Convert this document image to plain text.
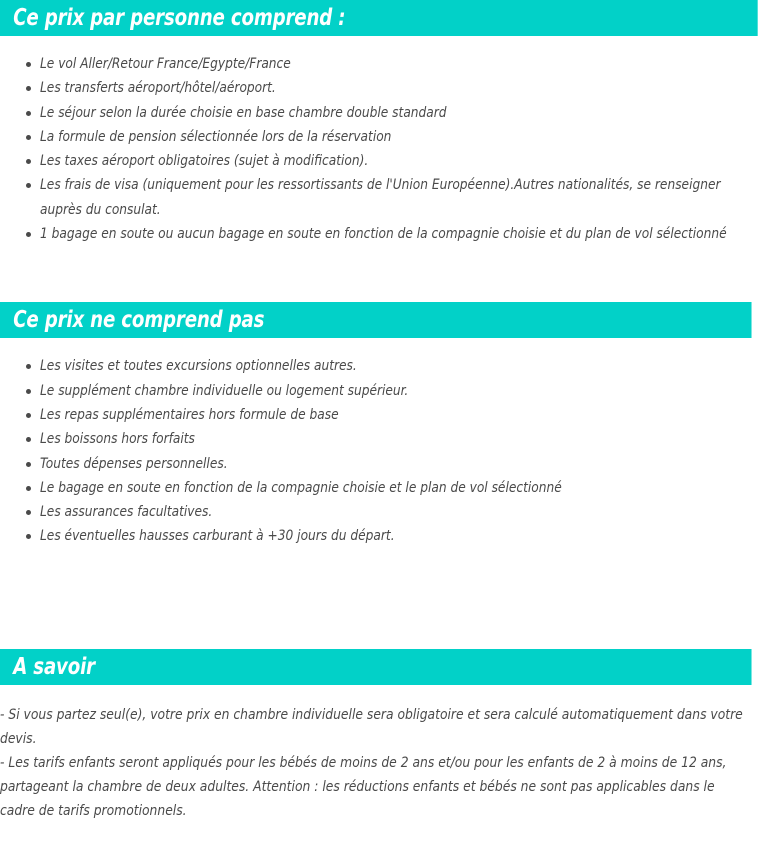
Ce prix par personne comprend :
Le vol Aller/Retour France/Egypte/France
Les transferts aéroport/hôtel/aéroport.
Le séjour selon la durée choisie en base chambre double standard
La formule de pension sélectionnée lors de la réservation
Les taxes aéroport obligatoires (sujet à modification).
Les frais de visa (uniquement pour les ressortissants de l'Union Européenne).Autres nationalités, se renseigner auprès du consulat.
1 bagage en soute ou aucun bagage en soute en fonction de la compagnie choisie et du plan de vol sélectionné
Ce prix ne comprend pas
Les visites et toutes excursions optionnelles autres.
Le supplément chambre individuelle ou logement supérieur.
Les repas supplémentaires hors formule de base
Les boissons hors forfaits
Toutes dépenses personnelles.
Le bagage en soute en fonction de la compagnie choisie et le plan de vol sélectionné
Les assurances facultatives.
Les éventuelles hausses carburant à +30 jours du départ.
A savoir

- Si vous partez seul(e), votre prix en chambre individuelle sera obligatoire et sera calculé automatiquement dans votre devis.

- Les tarifs enfants seront appliqués pour les bébés de moins de 2 ans et/ou pour les enfants de 2 à moins de 12 ans, partageant la chambre de deux adultes. Attention : les réductions enfants et bébés ne sont pas applicables dans le cadre de tarifs promotionnels.
